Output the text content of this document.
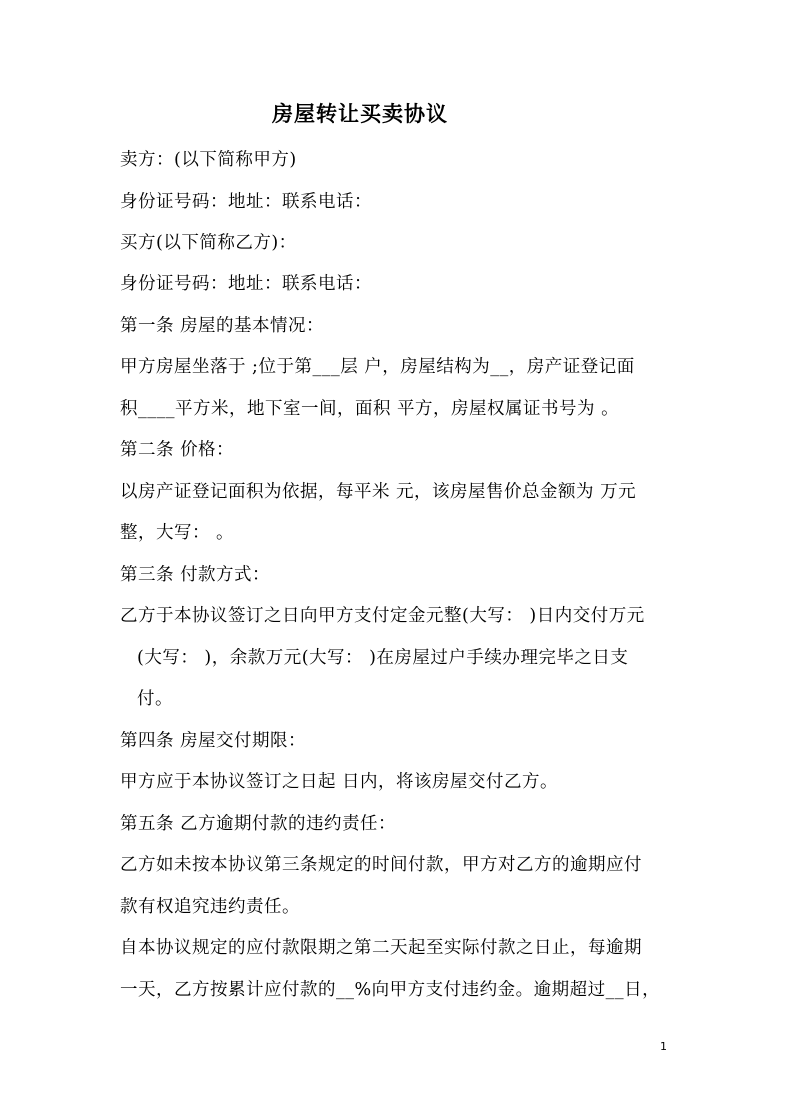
房屋转让买卖协议
卖方：(以下简称甲方)
身份证号码：地址：联系电话：
买方(以下简称乙方)：
身份证号码：地址：联系电话：
第一条 房屋的基本情况：
甲方房屋坐落于 ;位于第___层 户，房屋结构为__，房产证登记面
积____平方米，地下室一间，面积 平方，房屋权属证书号为 。
第二条 价格：
以房产证登记面积为依据，每平米 元，该房屋售价总金额为 万元
整，大写： 。
第三条 付款方式：
乙方于本协议签订之日向甲方支付定金元整(大写： )日内交付万元
(大写： )，余款万元(大写： )在房屋过户手续办理完毕之日支
付。
第四条 房屋交付期限：
甲方应于本协议签订之日起 日内，将该房屋交付乙方。
第五条 乙方逾期付款的违约责任：
乙方如未按本协议第三条规定的时间付款，甲方对乙方的逾期应付
款有权追究违约责任。
自本协议规定的应付款限期之第二天起至实际付款之日止，每逾期
一天，乙方按累计应付款的__%向甲方支付违约金。逾期超过__日，
1
